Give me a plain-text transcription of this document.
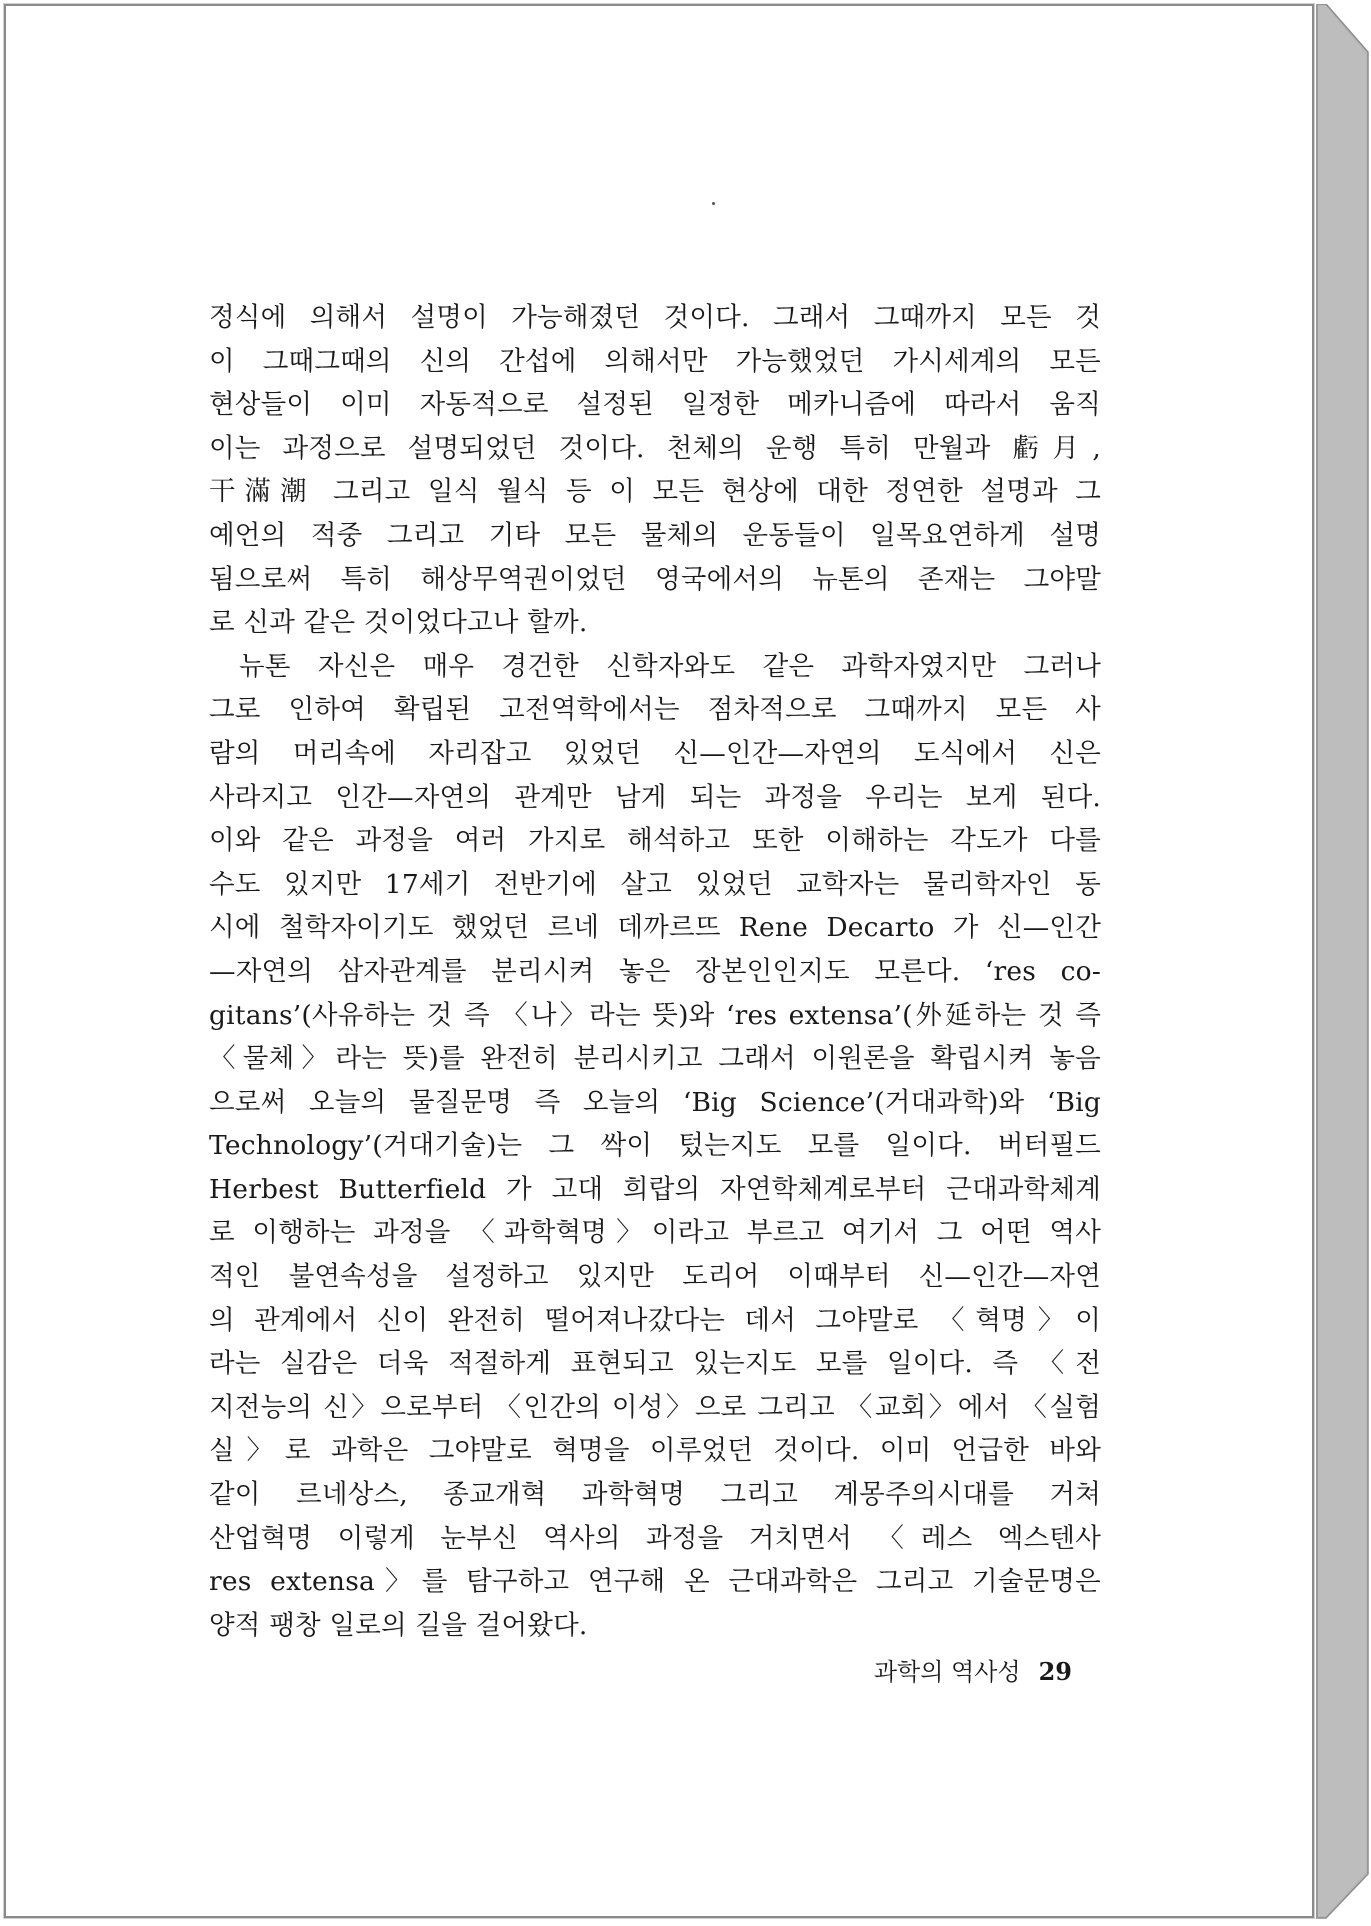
정식에 의해서 설명이 가능해졌던 것이다. 그래서 그때까지 모든 것
이 그때그때의 신의 간섭에 의해서만 가능했었던 가시세계의 모든
현상들이 이미 자동적으로 설정된 일정한 메카니즘에 따라서 움직
이는 과정으로 설명되었던 것이다. 천체의 운행 특히 만월과 虧月,
干滿潮 그리고 일식 월식 등 이 모든 현상에 대한 정연한 설명과 그
예언의 적중 그리고 기타 모든 물체의 운동들이 일목요연하게 설명
됨으로써 특히 해상무역권이었던 영국에서의 뉴톤의 존재는 그야말
로 신과 같은 것이었다고나 할까.
뉴톤 자신은 매우 경건한 신학자와도 같은 과학자였지만 그러나
그로 인하여 확립된 고전역학에서는 점차적으로 그때까지 모든 사
람의 머리속에 자리잡고 있었던 신—인간—자연의 도식에서 신은
사라지고 인간—자연의 관계만 남게 되는 과정을 우리는 보게 된다.
이와 같은 과정을 여러 가지로 해석하고 또한 이해하는 각도가 다를
수도 있지만 17세기 전반기에 살고 있었던 교학자는 물리학자인 동
시에 철학자이기도 했었던 르네 데까르뜨 Rene Decarto 가 신—인간
—자연의 삼자관계를 분리시켜 놓은 장본인인지도 모른다. ‘res co-
gitans’(사유하는 것 즉 〈나〉라는 뜻)와 ‘res extensa’(外延하는 것 즉
〈물체〉라는 뜻)를 완전히 분리시키고 그래서 이원론을 확립시켜 놓음
으로써 오늘의 물질문명 즉 오늘의 ‘Big Science’(거대과학)와 ‘Big
Technology’(거대기술)는 그 싹이 텄는지도 모를 일이다. 버터필드
Herbest Butterfield 가 고대 희랍의 자연학체계로부터 근대과학체계
로 이행하는 과정을 〈과학혁명〉이라고 부르고 여기서 그 어떤 역사
적인 불연속성을 설정하고 있지만 도리어 이때부터 신—인간—자연
의 관계에서 신이 완전히 떨어져나갔다는 데서 그야말로 〈혁명〉이
라는 실감은 더욱 적절하게 표현되고 있는지도 모를 일이다. 즉 〈전
지전능의 신〉으로부터 〈인간의 이성〉으로 그리고 〈교회〉에서 〈실험
실〉로 과학은 그야말로 혁명을 이루었던 것이다. 이미 언급한 바와
같이 르네상스, 종교개혁 과학혁명 그리고 계몽주의시대를 거쳐
산업혁명 이렇게 눈부신 역사의 과정을 거치면서 〈레스 엑스텐사
res extensa〉를 탐구하고 연구해 온 근대과학은 그리고 기술문명은
양적 팽창 일로의 길을 걸어왔다.
과학의 역사성 29
